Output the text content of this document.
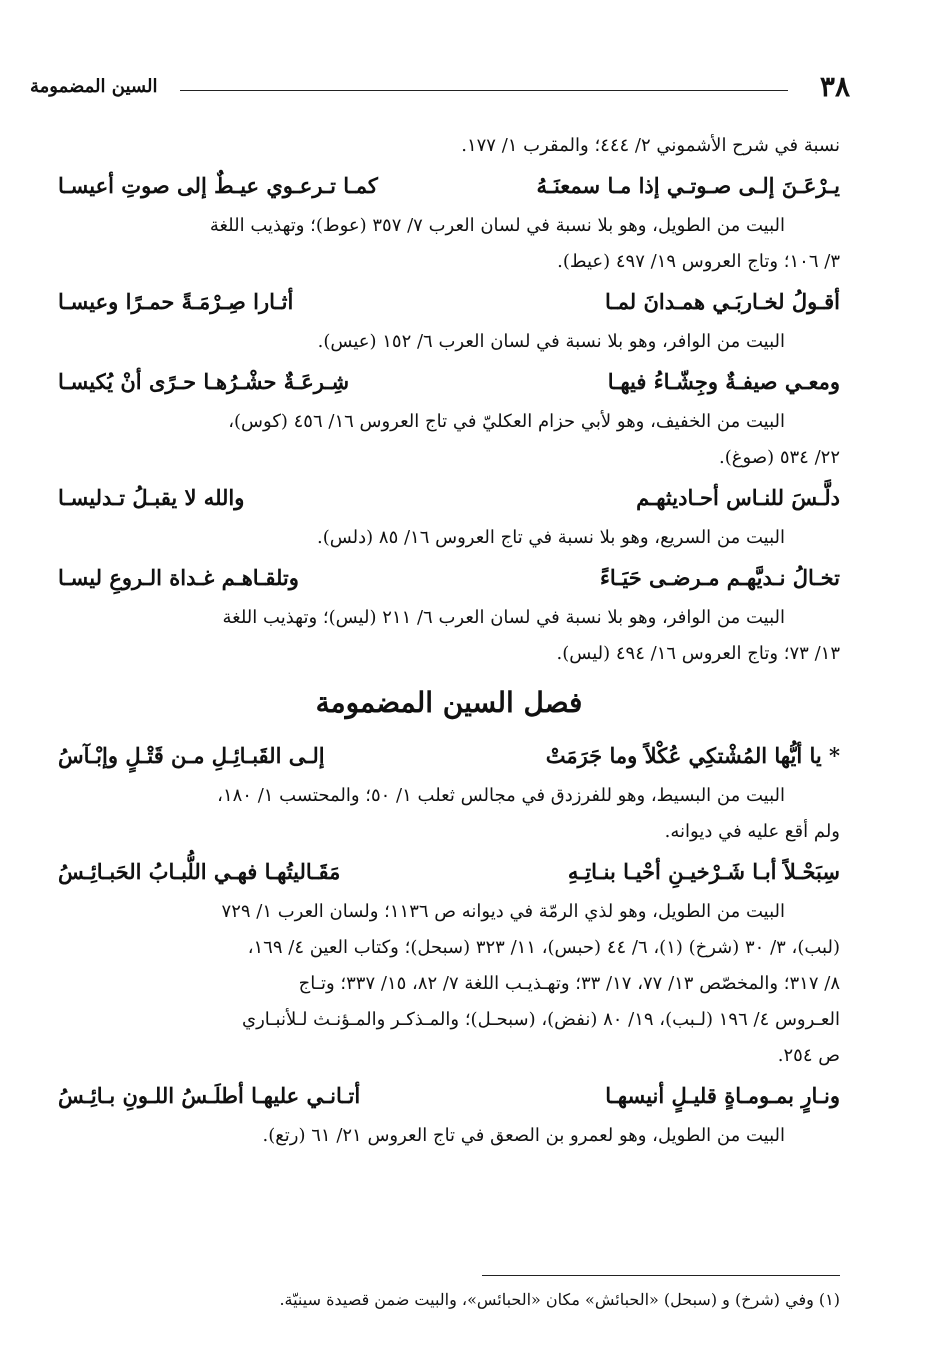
السين المضمومة	٣٨

نسبة في شرح الأشموني ٢/ ٤٤٤؛ والمقرب ١/ ١٧٧.

يـرْعَـنَ إلـى صـوتـي إذا مـا سمعنَـهُ
كمـا تـرعـوي عيـطٌ إلى صوتِ أعيسـا

البيت من الطويل، وهو بلا نسبة في لسان العرب ٧/ ٣٥٧ (عوط)؛ وتهذيب اللغة

٣/ ١٠٦؛ وتاج العروس ١٩/ ٤٩٧ (عيط).

أقـولُ لخـاربَـي همـدانَ لمـا
أثـارا صِـرْمَـةً حمـرًا وعيسـا

البيت من الوافر، وهو بلا نسبة في لسان العرب ٦/ ١٥٢ (عيس).

ومعـي صيفـةٌ وجِشّـاءُ فيهـا
شِـرعَـةٌ حشْـرُهـا حـرًى أنْ يُكيسـا

البيت من الخفيف، وهو لأبي حزام العكليّ في تاج العروس ١٦/ ٤٥٦ (كوس)،

٢٢/ ٥٣٤ (صوغ).

دلَّـسَ للنـاس أحـاديثهـم
والله لا يقبـلُ تـدليسـا

البيت من السريع، وهو بلا نسبة في تاج العروس ١٦/ ٨٥ (دلس).

تخـالُ نـديَّهـم مـرضـى حَيَـاءً
وتلقـاهـم غـداة الـروعِ ليسـا

البيت من الوافر، وهو بلا نسبة في لسان العرب ٦/ ٢١١ (ليس)؛ وتهذيب اللغة

١٣/ ٧٣؛ وتاج العروس ١٦/ ٤٩٤ (ليس).

فصل السين المضمومة
* يا أيُّها المُشْتكِي عُكْلاً وما جَرَمَتْ
إلـى القَبـائِـلِ مـن قَتْـلٍ وإبْـآسُ

البيت من البسيط، وهو للفرزدق في مجالس ثعلب ١/ ٥٠؛ والمحتسب ١/ ١٨٠،

ولم أقع عليه في ديوانه.

سِبَحْـلاً أبـا شَـرْخيـنِ أحْيـا بنـاتِـهِ
مَقَـاليتُهـا فهـي اللُّبـابُ الحَبـائِـسُ

البيت من الطويل، وهو لذي الرمّة في ديوانه ص ١١٣٦؛ ولسان العرب ١/ ٧٢٩

(لبب)، ٣/ ٣٠ (شرخ) (١)، ٦/ ٤٤ (حبس)، ١١/ ٣٢٣ (سبحل)؛ وكتاب العين ٤/ ١٦٩،

٨/ ٣١٧؛ والمخصّص ١٣/ ٧٧، ١٧/ ٣٣؛ وتهـذيـب اللغة ٧/ ٨٢، ١٥/ ٣٣٧؛ وتـاج

العـروس ٤/ ١٩٦ (لـبب)، ١٩/ ٨٠ (نفض)، (سبحـل)؛ والمـذكـر والمـؤنـث لـلأنبـاري

ص ٢٥٤.

ونـارٍ بمـومـاةٍ قليـلٍ أنيسهـا
أتـانـي عليهـا أطلَـسُ اللـونِ بـائِـسُ

البيت من الطويل، وهو لعمرو بن الصعق في تاج العروس ٢١/ ٦١ (رتع).

(١) وفي (شرخ) و (سبحل) «الحبائش» مكان «الحبائس»، والبيت ضمن قصيدة سينيّة.
